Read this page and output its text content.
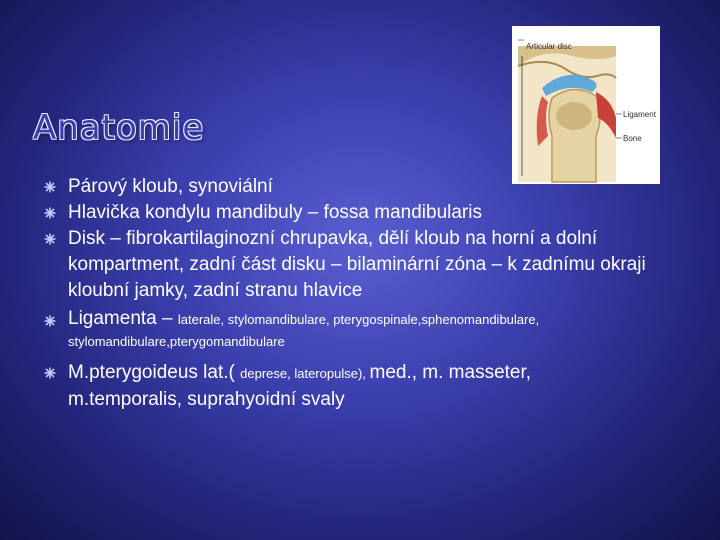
Anatomie
Articular disc
Ligament
Bone
Párový kloub, synoviální
Hlavička kondylu mandibuly – fossa mandibularis
Disk – fibrokartilaginozní chrupavka, dělí kloub na horní a dolní kompartment, zadní část disku – bilaminární zóna – k zadnímu okraji kloubní jamky, zadní stranu hlavice
Ligamenta – laterale, stylomandibulare, pterygospinale,sphenomandibulare,
stylomandibulare,pterygomandibulare
M.pterygoideus lat.( deprese, lateropulse), med., m. masseter,
m.temporalis, suprahyoidní svaly
